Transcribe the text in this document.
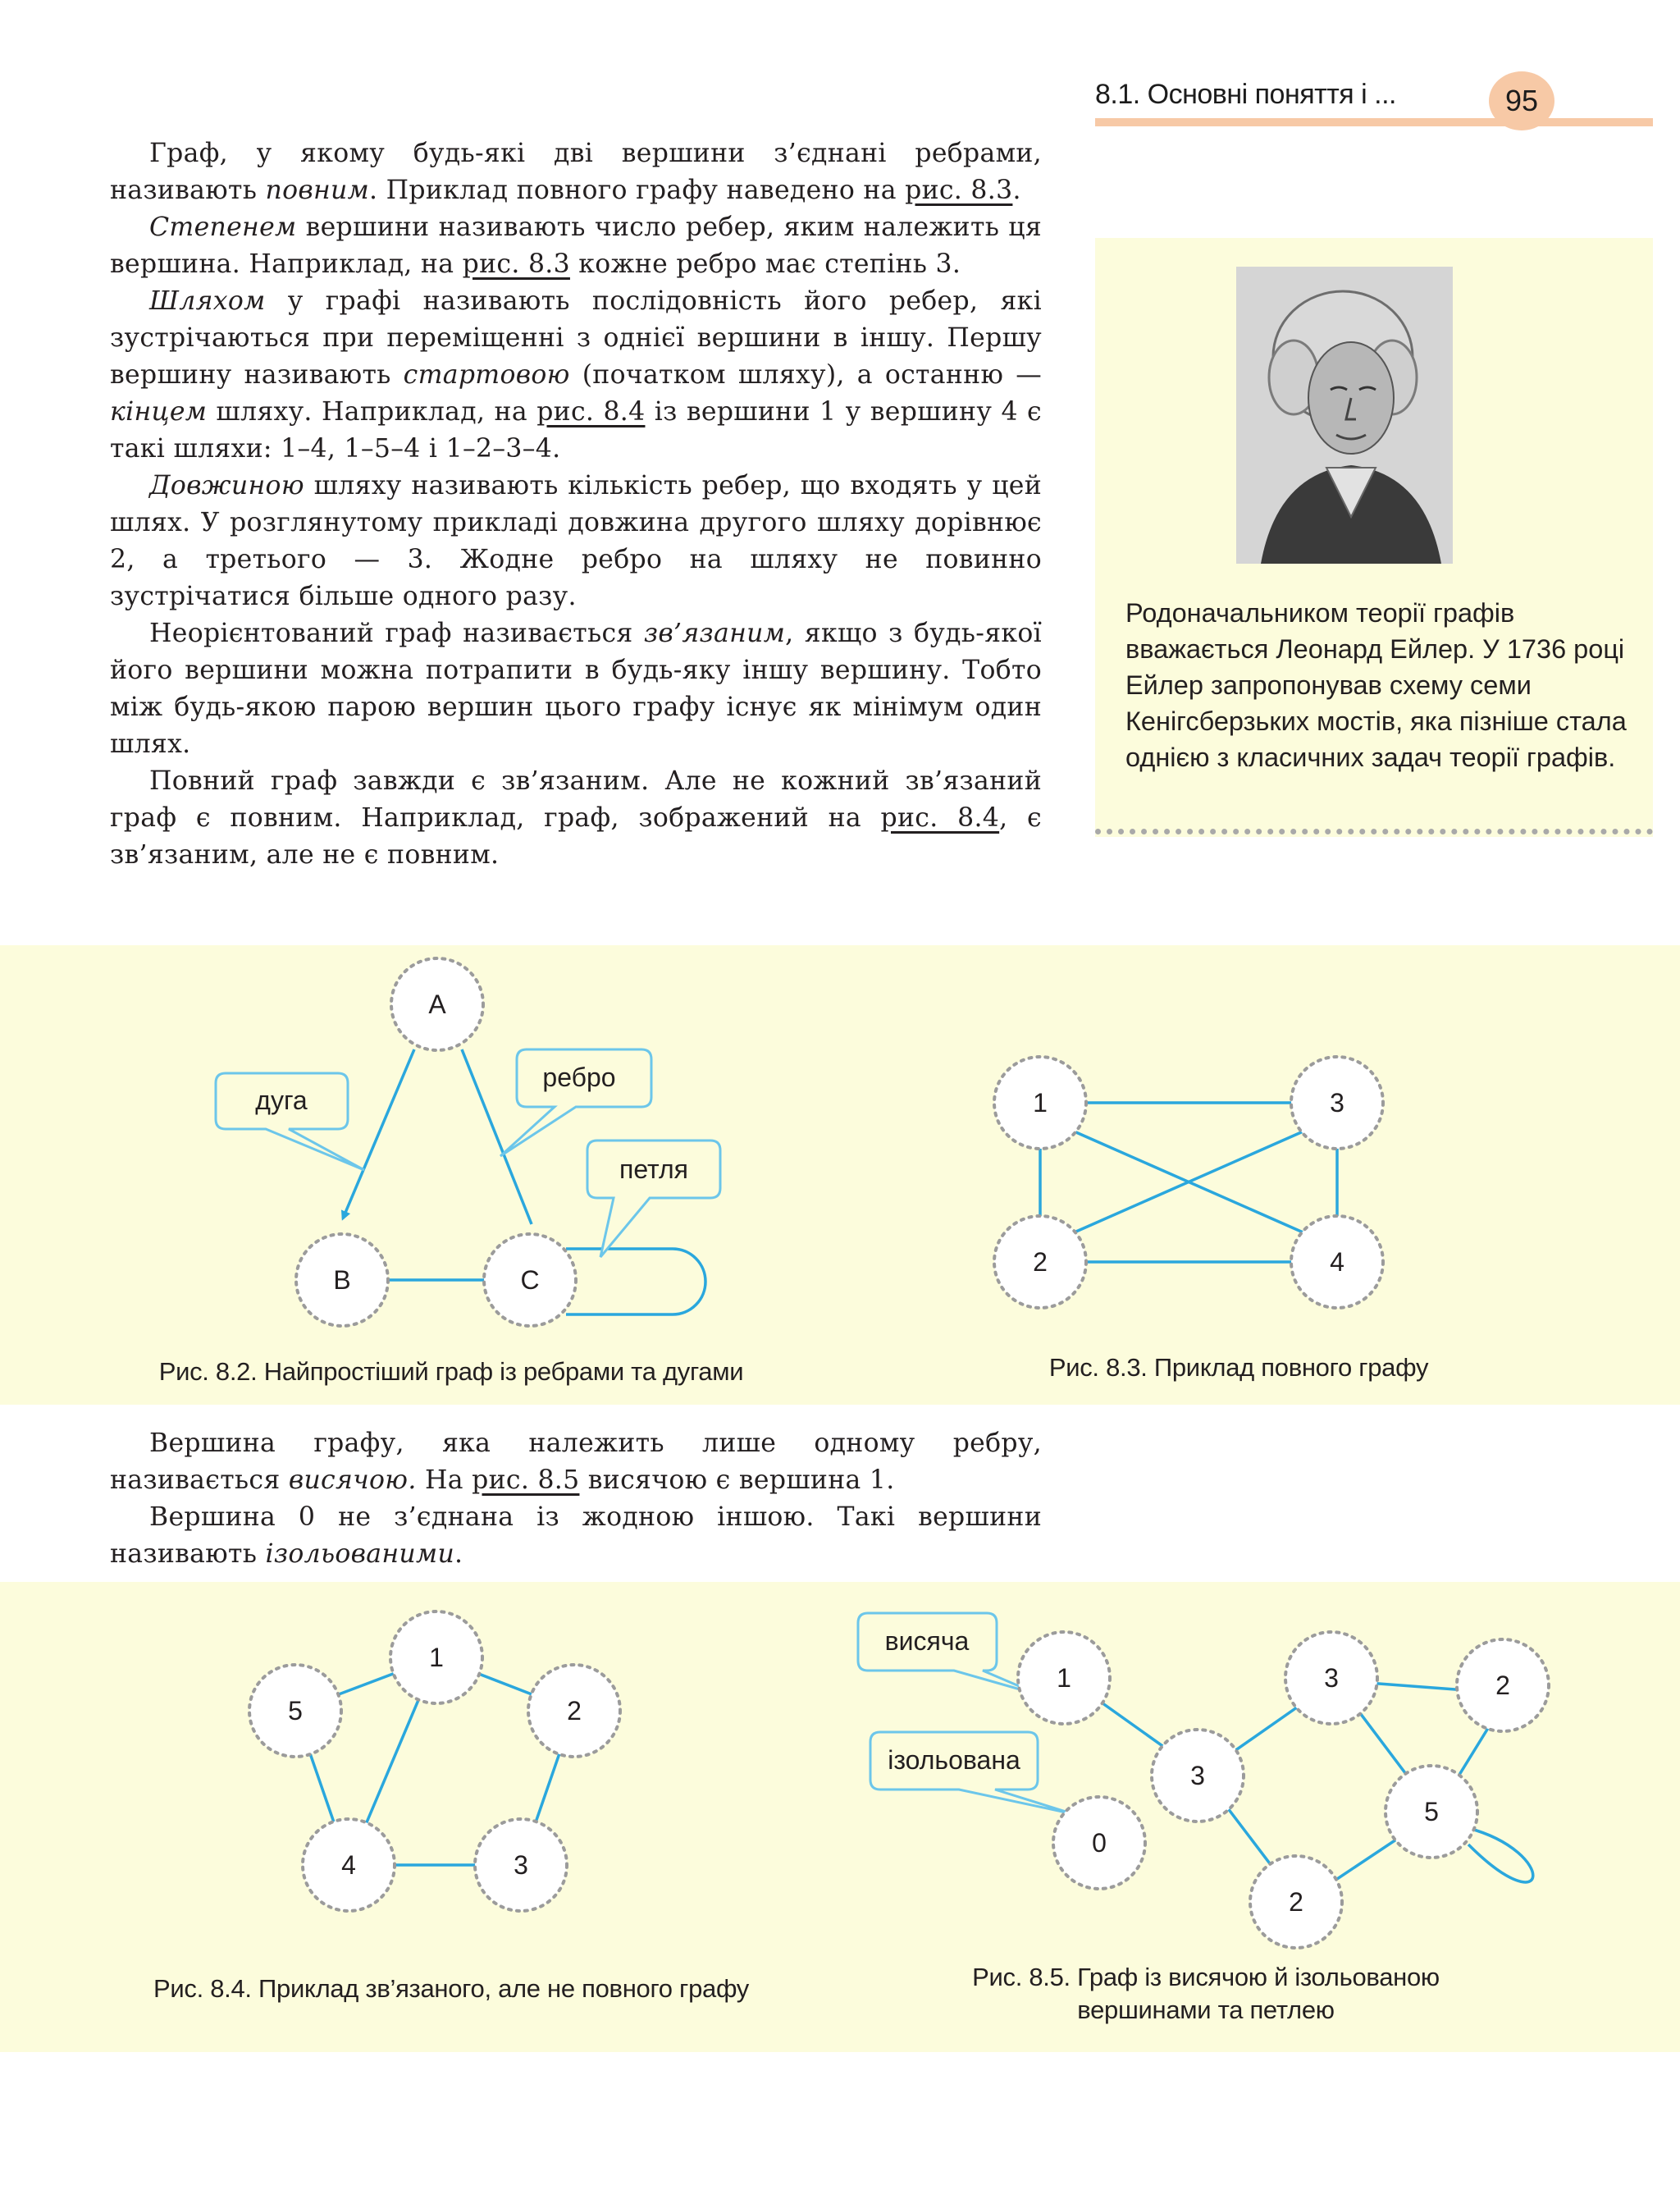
8.1. Основні поняття і ...	95

Граф, у якому будь-які дві вершини з’єднані ребрами, називають повним. Приклад повного графу наведено на рис. 8.3.

Степенем вершини називають число ребер, яким належить ця вершина. Наприклад, на рис. 8.3 кожне ребро має степінь 3.

Шляхом у графі називають послідовність його ребер, які зустрічаються при переміщенні з однієї вершини в іншу. Першу вершину називають стартовою (початком шляху), а останню — кінцем шляху. Наприклад, на рис. 8.4 із вершини 1 у вершину 4 є такі шляхи: 1–4, 1–5–4 і 1–2–3–4.

Довжиною шляху називають кількість ребер, що входять у цей шлях. У розглянутому прикладі довжина другого шляху дорівнює 2, а третього — 3. Жодне ребро на шляху не повинно зустрічатися більше одного разу.

Неорієнтований граф називається зв’язаним, якщо з будь-якої його вершини можна потрапити в будь-яку іншу вершину. Тобто між будь-якою парою вершин цього графу існує як мінімум один шлях.

Повний граф завжди є зв’язаним. Але не кожний зв’язаний граф є повним. Наприклад, граф, зображений на рис. 8.4, є зв’язаним, але не є повним.

Родоначальником теорії графів вважається Леонард Ейлер. У 1736 році Ейлер запропонував схему семи Кенігсберзьких мостів, яка пізніше стала однією з класичних задач теорії графів.
дуга
ребро
петля
A
B	C
1	3
2	4
Рис. 8.2. Найпростіший граф із ребрами та дугами	Рис. 8.3. Приклад повного графу

Вершина графу, яка належить лише одному ребру, називається висячою. На рис. 8.5 висячою є вершина 1.

Вершина 0 не з’єднана із жодною іншою. Такі вершини називають ізольованими.

1
2
3
4
5
висяча
ізольована
1
0
3
3	2
5
2
Рис. 8.4. Приклад зв’язаного, але не повного графу	Рис. 8.5. Граф із висячою й ізольованою
вершинами та петлею
